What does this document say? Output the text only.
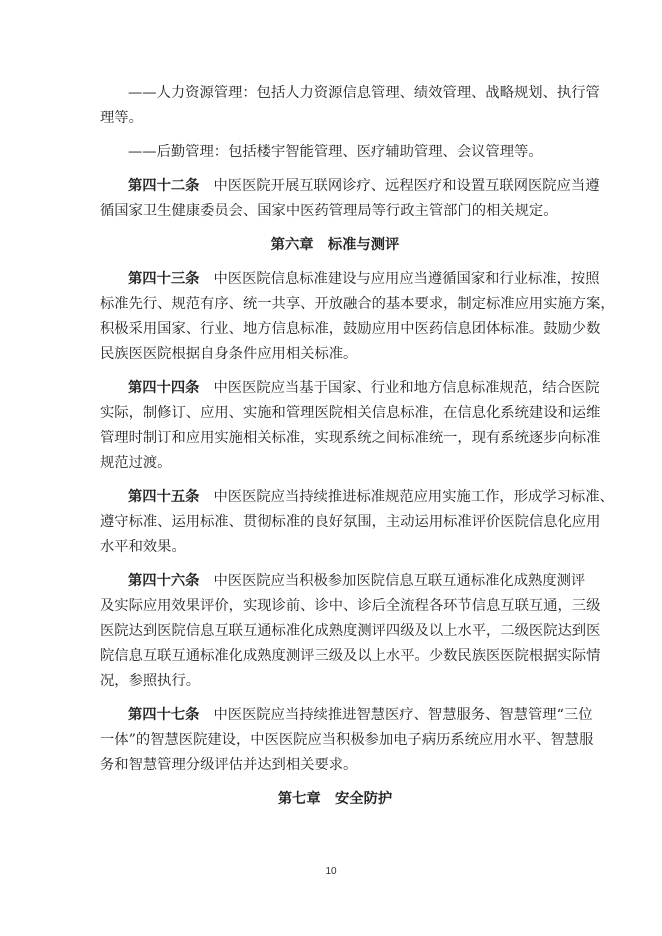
——人力资源管理：包括人力资源信息管理、绩效管理、战略规划、执行管
理等。
——后勤管理：包括楼宇智能管理、医疗辅助管理、会议管理等。
第四十二条 中医医院开展互联网诊疗、远程医疗和设置互联网医院应当遵
循国家卫生健康委员会、国家中医药管理局等行政主管部门的相关规定。
第六章　标准与测评
第四十三条 中医医院信息标准建设与应用应当遵循国家和行业标准，按照
标准先行、规范有序、统一共享、开放融合的基本要求，制定标准应用实施方案，
积极采用国家、行业、地方信息标准，鼓励应用中医药信息团体标准。鼓励少数
民族医医院根据自身条件应用相关标准。
第四十四条 中医医院应当基于国家、行业和地方信息标准规范，结合医院
实际，制修订、应用、实施和管理医院相关信息标准，在信息化系统建设和运维
管理时制订和应用实施相关标准，实现系统之间标准统一，现有系统逐步向标准
规范过渡。
第四十五条 中医医院应当持续推进标准规范应用实施工作，形成学习标准、
遵守标准、运用标准、贯彻标准的良好氛围，主动运用标准评价医院信息化应用
水平和效果。
第四十六条 中医医院应当积极参加医院信息互联互通标准化成熟度测评
及实际应用效果评价，实现诊前、诊中、诊后全流程各环节信息互联互通，三级
医院达到医院信息互联互通标准化成熟度测评四级及以上水平，二级医院达到医
院信息互联互通标准化成熟度测评三级及以上水平。少数民族医医院根据实际情
况，参照执行。
第四十七条 中医医院应当持续推进智慧医疗、智慧服务、智慧管理“三位
一体”的智慧医院建设，中医医院应当积极参加电子病历系统应用水平、智慧服
务和智慧管理分级评估并达到相关要求。
第七章　安全防护
10
